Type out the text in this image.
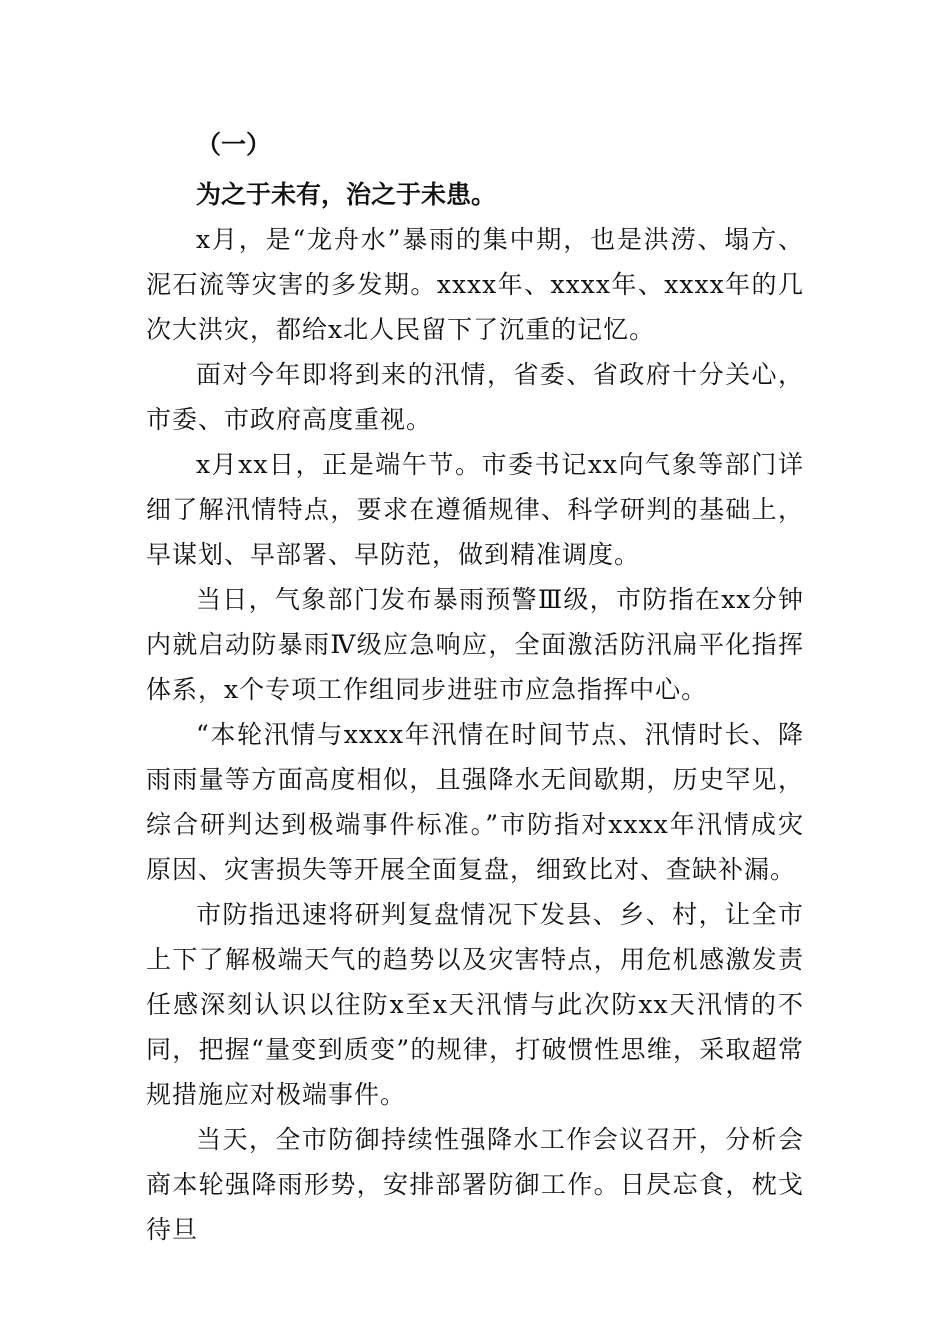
（一）

为之于未有，治之于未患。

x月，是“龙舟水”暴雨的集中期，也是洪涝、塌方、泥石流等灾害的多发期。xxxx年、xxxx年、xxxx年的几次大洪灾，都给x北人民留下了沉重的记忆。

面对今年即将到来的汛情，省委、省政府十分关心，市委、市政府高度重视。

x月xx日，正是端午节。市委书记xx向气象等部门详细了解汛情特点，要求在遵循规律、科学研判的基础上，早谋划、早部署、早防范，做到精准调度。

当日，气象部门发布暴雨预警Ⅲ级，市防指在xx分钟内就启动防暴雨Ⅳ级应急响应，全面激活防汛扁平化指挥体系，x个专项工作组同步进驻市应急指挥中心。

“本轮汛情与xxxx年汛情在时间节点、汛情时长、降雨雨量等方面高度相似，且强降水无间歇期，历史罕见，综合研判达到极端事件标准。”市防指对xxxx年汛情成灾原因、灾害损失等开展全面复盘，细致比对、查缺补漏。

市防指迅速将研判复盘情况下发县、乡、村，让全市上下了解极端天气的趋势以及灾害特点，用危机感激发责任感深刻认识以往防x至x天汛情与此次防xx天汛情的不同，把握“量变到质变”的规律，打破惯性思维，采取超常规措施应对极端事件。

当天，全市防御持续性强降水工作会议召开，分析会商本轮强降雨形势，安排部署防御工作。日昃忘食，枕戈待旦
